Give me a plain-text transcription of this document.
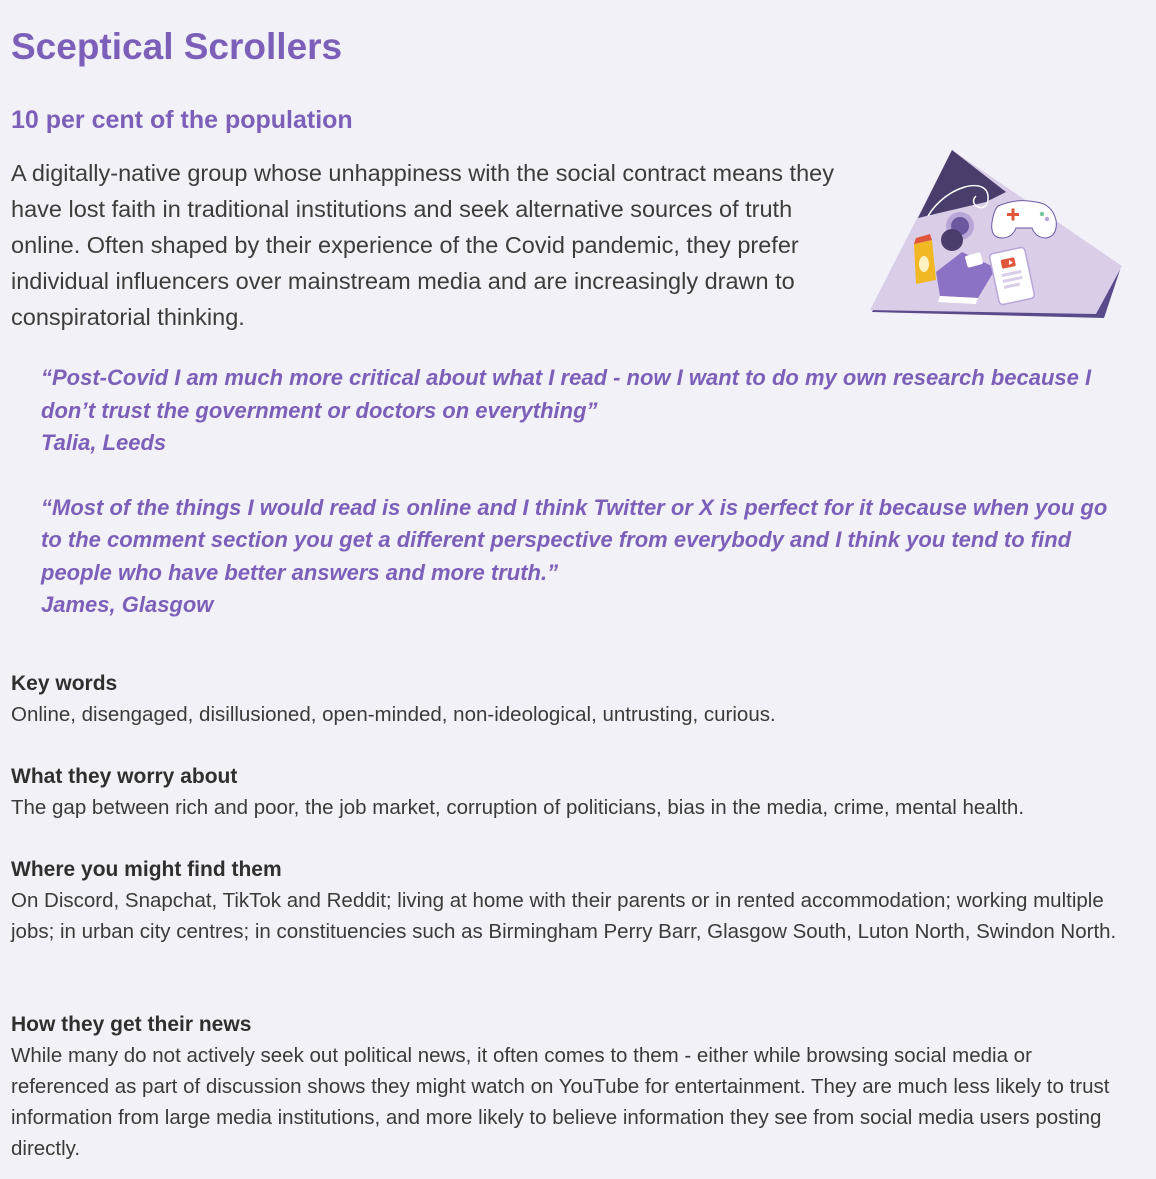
Sceptical Scrollers
10 per cent of the population

A digitally-native group whose unhappiness with the social contract means they have lost faith in traditional institutions and seek alternative sources of truth online. Often shaped by their experience of the Covid pandemic, they prefer individual influencers over mainstream media and are increasingly drawn to conspiratorial thinking.

“Post-Covid I am much more critical about what I read - now I want to do my own research because I don’t trust the government or doctors on everything”
Talia, Leeds
“Most of the things I would read is online and I think Twitter or X is perfect for it because when you go to the comment section you get a different perspective from everybody and I think you tend to find people who have better answers and more truth.”
James, Glasgow
Key words

Online, disengaged, disillusioned, open-minded, non-ideological, untrusting, curious.

What they worry about

The gap between rich and poor, the job market, corruption of politicians, bias in the media, crime, mental health.

Where you might find them

On Discord, Snapchat, TikTok and Reddit; living at home with their parents or in rented accommodation; working multiple jobs; in urban city centres; in constituencies such as Birmingham Perry Barr, Glasgow South, Luton North, Swindon North.

How they get their news

While many do not actively seek out political news, it often comes to them - either while browsing social media or referenced as part of discussion shows they might watch on YouTube for entertainment. They are much less likely to trust information from large media institutions, and more likely to believe information they see from social media users posting directly.
